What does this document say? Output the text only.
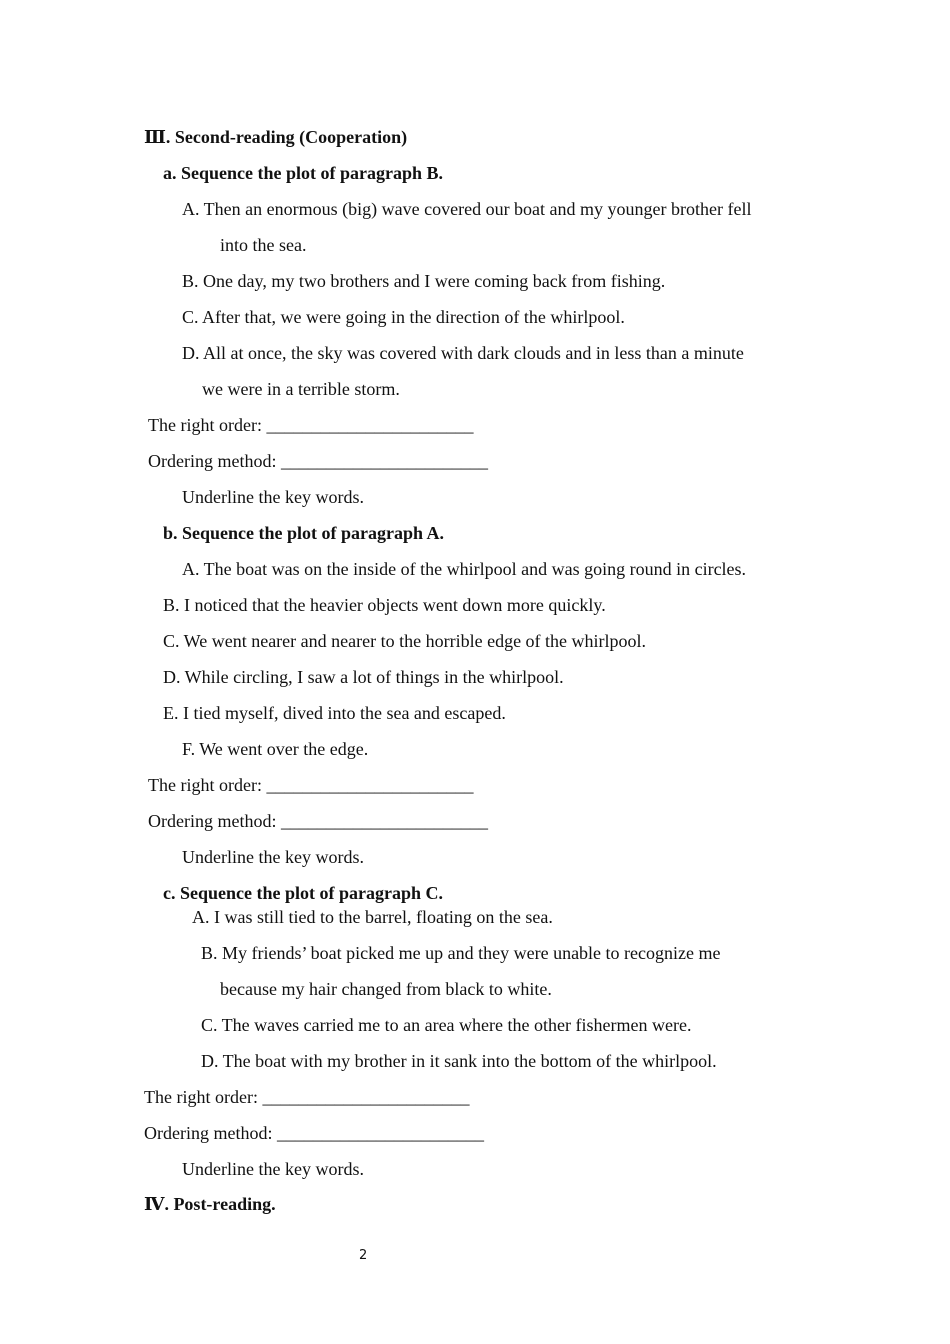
Ⅲ. Second-reading (Cooperation)
a. Sequence the plot of paragraph B.
A. Then an enormous (big) wave covered our boat and my younger brother fell
into the sea.
B. One day, my two brothers and I were coming back from fishing.
C. After that, we were going in the direction of the whirlpool.
D. All at once, the sky was covered with dark clouds and in less than a minute
we were in a terrible storm.
The right order: _______________________
Ordering method: _______________________
Underline the key words.
b. Sequence the plot of paragraph A.
A. The boat was on the inside of the whirlpool and was going round in circles.
B. I noticed that the heavier objects went down more quickly.
C. We went nearer and nearer to the horrible edge of the whirlpool.
D. While circling, I saw a lot of things in the whirlpool.
E. I tied myself, dived into the sea and escaped.
F. We went over the edge.
The right order: _______________________
Ordering method: _______________________
Underline the key words.
c. Sequence the plot of paragraph C.
A. I was still tied to the barrel, floating on the sea.
B. My friends’ boat picked me up and they were unable to recognize me
because my hair changed from black to white.
C. The waves carried me to an area where the other fishermen were.
D. The boat with my brother in it sank into the bottom of the whirlpool.
The right order: _______________________
Ordering method: _______________________
Underline the key words.
Ⅳ. Post-reading.
2
